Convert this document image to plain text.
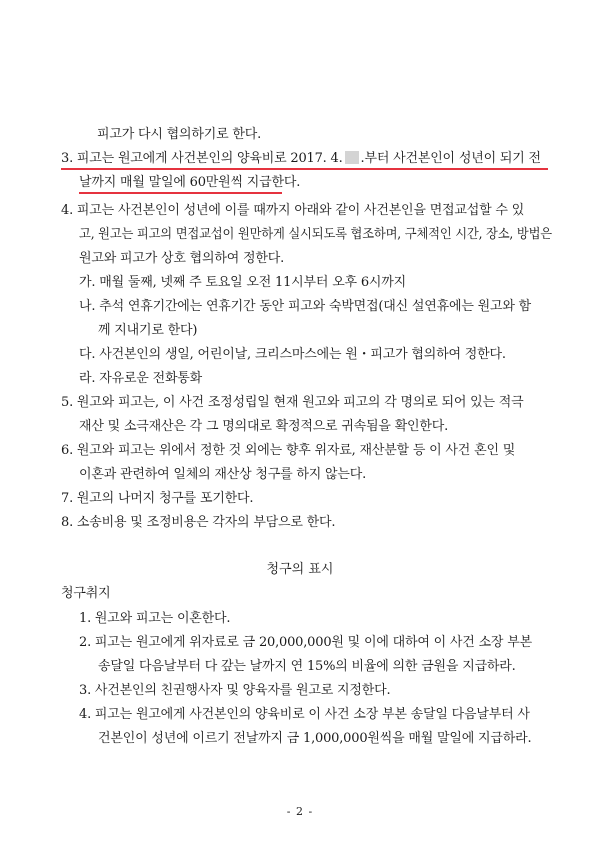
피고가 다시 협의하기로 한다.
3. 피고는 원고에게 사건본인의 양육비로 2017. 4. .부터 사건본인이 성년이 되기 전
날까지 매월 말일에 60만원씩 지급한다.
4. 피고는 사건본인이 성년에 이를 때까지 아래와 같이 사건본인을 면접교섭할 수 있
고, 원고는 피고의 면접교섭이 원만하게 실시되도록 협조하며, 구체적인 시간, 장소, 방법은
원고와 피고가 상호 협의하여 정한다.
가. 매월 둘째, 넷째 주 토요일 오전 11시부터 오후 6시까지
나. 추석 연휴기간에는 연휴기간 동안 피고와 숙박면접(대신 설연휴에는 원고와 함
께 지내기로 한다)
다. 사건본인의 생일, 어린이날, 크리스마스에는 원・피고가 협의하여 정한다.
라. 자유로운 전화통화
5. 원고와 피고는, 이 사건 조정성립일 현재 원고와 피고의 각 명의로 되어 있는 적극
재산 및 소극재산은 각 그 명의대로 확정적으로 귀속됨을 확인한다.
6. 원고와 피고는 위에서 정한 것 외에는 향후 위자료, 재산분할 등 이 사건 혼인 및
이혼과 관련하여 일체의 재산상 청구를 하지 않는다.
7. 원고의 나머지 청구를 포기한다.
8. 소송비용 및 조정비용은 각자의 부담으로 한다.
청구의 표시
청구취지
1. 원고와 피고는 이혼한다.
2. 피고는 원고에게 위자료로 금 20,000,000원 및 이에 대하여 이 사건 소장 부본
송달일 다음날부터 다 갚는 날까지 연 15%의 비율에 의한 금원을 지급하라.
3. 사건본인의 친권행사자 및 양육자를 원고로 지정한다.
4. 피고는 원고에게 사건본인의 양육비로 이 사건 소장 부본 송달일 다음날부터 사
건본인이 성년에 이르기 전날까지 금 1,000,000원씩을 매월 말일에 지급하라.
- 2 -
